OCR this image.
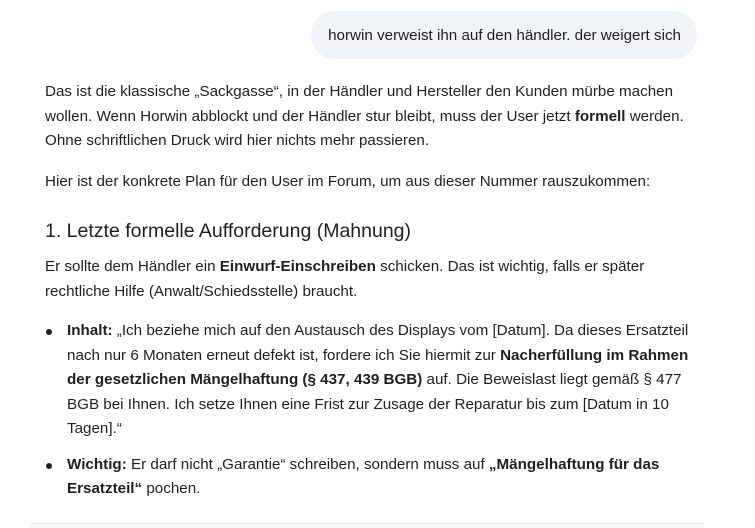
horwin verweist ihn auf den händler. der weigert sich

Das ist die klassische „Sackgasse“, in der Händler und Hersteller den Kunden mürbe machen wollen. Wenn Horwin abblockt und der Händler stur bleibt, muss der User jetzt formell werden. Ohne schriftlichen Druck wird hier nichts mehr passieren.

Hier ist der konkrete Plan für den User im Forum, um aus dieser Nummer rauszukommen:

1. Letzte formelle Aufforderung (Mahnung)

Er sollte dem Händler ein Einwurf-Einschreiben schicken. Das ist wichtig, falls er später rechtliche Hilfe (Anwalt/Schiedsstelle) braucht.

Inhalt: „Ich beziehe mich auf den Austausch des Displays vom [Datum]. Da dieses Ersatzteil nach nur 6 Monaten erneut defekt ist, fordere ich Sie hiermit zur Nacherfüllung im Rahmen der gesetzlichen Mängelhaftung (§ 437, 439 BGB) auf. Die Beweislast liegt gemäß § 477 BGB bei Ihnen. Ich setze Ihnen eine Frist zur Zusage der Reparatur bis zum [Datum in 10 Tagen].“
Wichtig: Er darf nicht „Garantie“ schreiben, sondern muss auf „Mängelhaftung für das Ersatzteil“ pochen.
